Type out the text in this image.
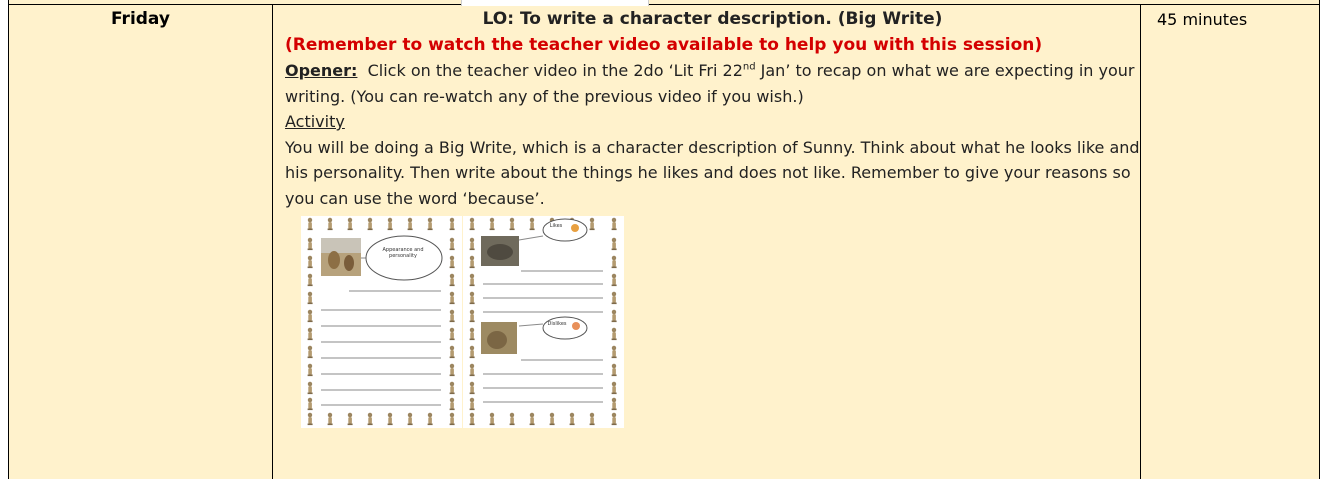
Friday	LO: To write a character description. (Big Write)
(Remember to watch the teacher video available to help you with this session)

Opener: Click on the teacher video in the 2do ‘Lit Fri 22nd Jan’ to recap on what we are expecting in your writing. (You can re-watch any of the previous video if you wish.)

Activity

You will be doing a Big Write, which is a character description of Sunny. Think about what he looks like and his personality. Then write about the things he likes and does not like. Remember to give your reasons so you can use the word ‘because’.

Appearance and personality
Likes
Dislikes
45 minutes
